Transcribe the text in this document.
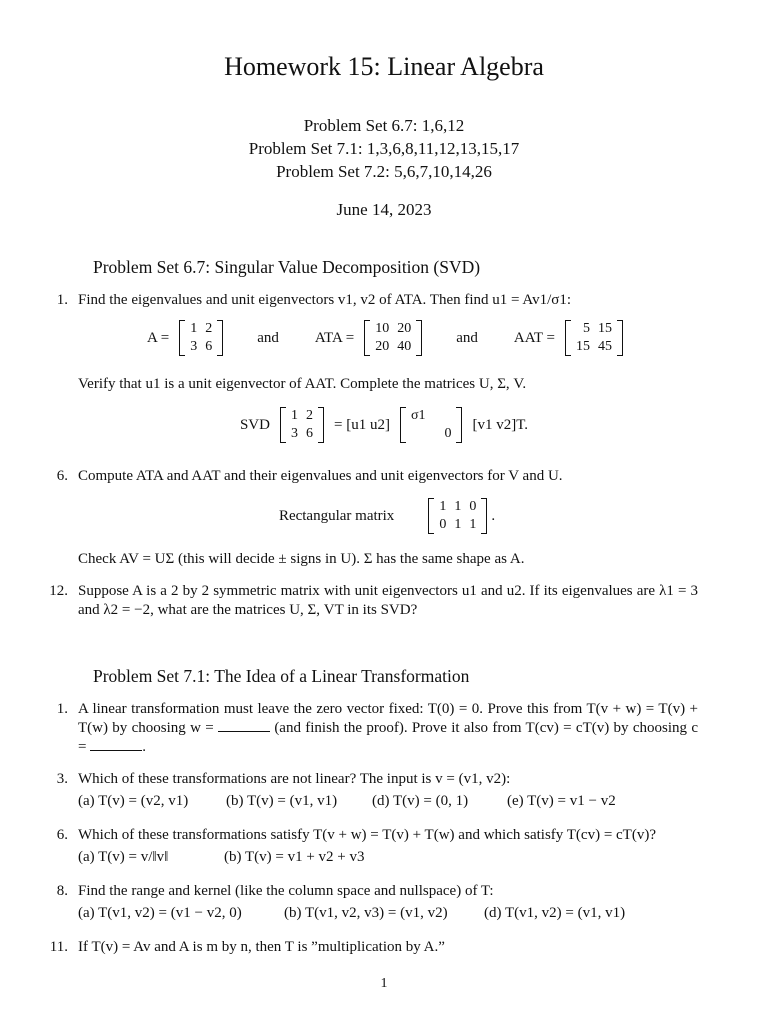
Homework 15: Linear Algebra
Problem Set 6.7: 1,6,12
Problem Set 7.1: 1,3,6,8,11,12,13,15,17
Problem Set 7.2: 5,6,7,10,14,26
June 14, 2023
Problem Set 6.7: Singular Value Decomposition (SVD)
1. Find the eigenvalues and unit eigenvectors v1, v2 of ATA. Then find u1 = Av1/σ1:
A =
1	2
3	6
and ATA =
10	20
20	40
and AAT =
5	15
15	45
Verify that u1 is a unit eigenvector of AAT. Complete the matrices U, Σ, V.
SVD
1	2
3	6
= [u1 u2]
σ1	
	0
[v1 v2]T.
6. Compute ATA and AAT and their eigenvalues and unit eigenvectors for V and U.
Rectangular matrix
1	1	0
0	1	1
.
Check AV = UΣ (this will decide ± signs in U). Σ has the same shape as A.
12. Suppose A is a 2 by 2 symmetric matrix with unit eigenvectors u1 and u2. If its eigenvalues are λ1 = 3 and λ2 = −2, what are the matrices U, Σ, VT in its SVD?
Problem Set 7.1: The Idea of a Linear Transformation
1. A linear transformation must leave the zero vector fixed: T(0) = 0. Prove this from T(v + w) = T(v) + T(w) by choosing w =	(and finish the proof). Prove it also from T(cv) = cT(v) by choosing c =	.
3. Which of these transformations are not linear? The input is v = (v1, v2):
(a) T(v) = (v2, v1)	(b) T(v) = (v1, v1)	(d) T(v) = (0, 1)	(e) T(v) = v1 − v2
6. Which of these transformations satisfy T(v + w) = T(v) + T(w) and which satisfy T(cv) = cT(v)?
(a) T(v) = v/‖v‖	(b) T(v) = v1 + v2 + v3
8. Find the range and kernel (like the column space and nullspace) of T:
(a) T(v1, v2) = (v1 − v2, 0)	(b) T(v1, v2, v3) = (v1, v2)	(d) T(v1, v2) = (v1, v1)
11. If T(v) = Av and A is m by n, then T is ”multiplication by A.”
1
